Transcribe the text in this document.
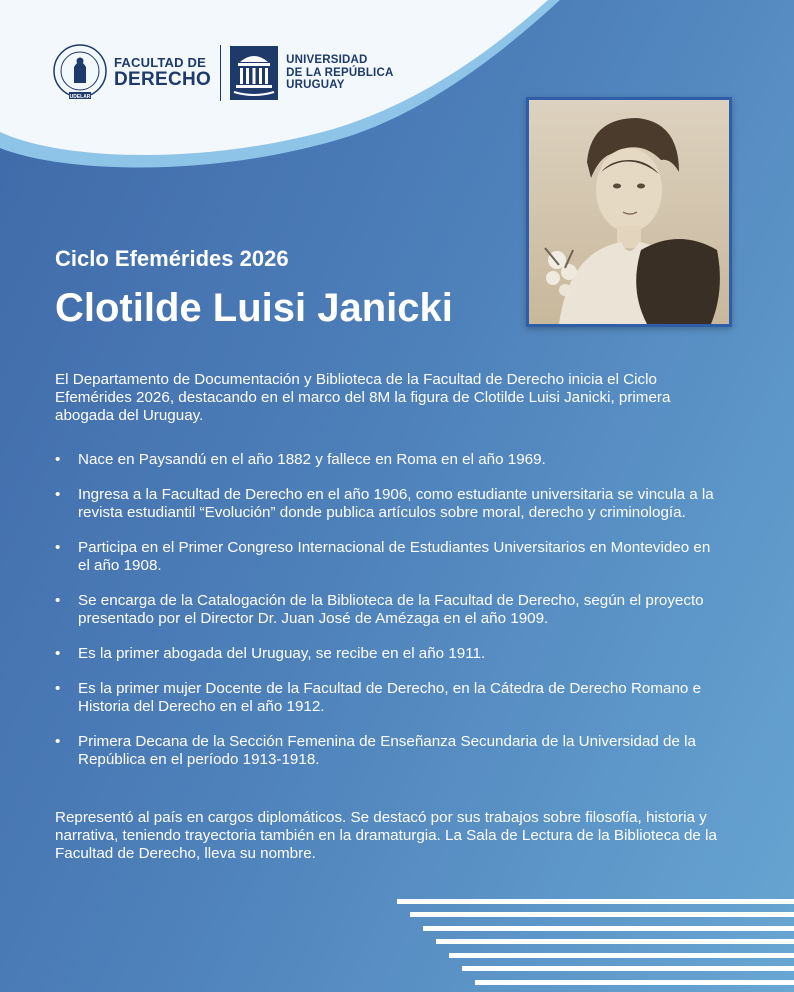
UDELAR
FACULTAD DE
DERECHO
UNIVERSIDAD
DE LA REPÚBLICA
URUGUAY
Ciclo Efemérides 2026
Clotilde Luisi Janicki

El Departamento de Documentación y Biblioteca de la Facultad de Derecho inicia el Ciclo Efemérides 2026, destacando en el marco del 8M la figura de Clotilde Luisi Janicki, primera abogada del Uruguay.

• Nace en Paysandú en el año 1882 y fallece en Roma en el año 1969.
• Ingresa a la Facultad de Derecho en el año 1906, como estudiante universitaria se vincula a la revista estudiantil “Evolución” donde publica artículos sobre moral, derecho y criminología.
• Participa en el Primer Congreso Internacional de Estudiantes Universitarios en Montevideo en el año 1908.
• Se encarga de la Catalogación de la Biblioteca de la Facultad de Derecho, según el proyecto presentado por el Director Dr. Juan José de Amézaga en el año 1909.
• Es la primer abogada del Uruguay, se recibe en el año 1911.
• Es la primer mujer Docente de la Facultad de Derecho, en la Cátedra de Derecho Romano e Historia del Derecho en el año 1912.
• Primera Decana de la Sección Femenina de Enseñanza Secundaria de la Universidad de la República en el período 1913-1918.

Representó al país en cargos diplomáticos. Se destacó por sus trabajos sobre filosofía, historia y narrativa, teniendo trayectoria también en la dramaturgia. La Sala de Lectura de la Biblioteca de la Facultad de Derecho, lleva su nombre.
